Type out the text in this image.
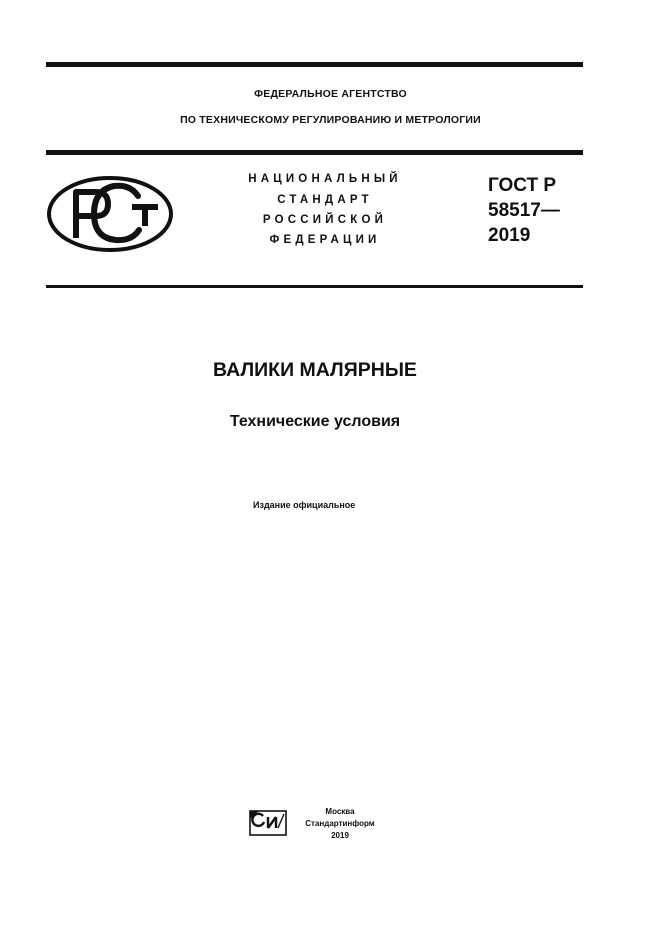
ФЕДЕРАЛЬНОЕ АГЕНТСТВО
ПО ТЕХНИЧЕСКОМУ РЕГУЛИРОВАНИЮ И МЕТРОЛОГИИ
НАЦИОНАЛЬНЫЙ
СТАНДАРТ
РОССИЙСКОЙ
ФЕДЕРАЦИИ
ГОСТ Р
58517—
2019
ВАЛИКИ МАЛЯРНЫЕ
Технические условия
Издание официальное
Москва
Стандартинформ
2019
